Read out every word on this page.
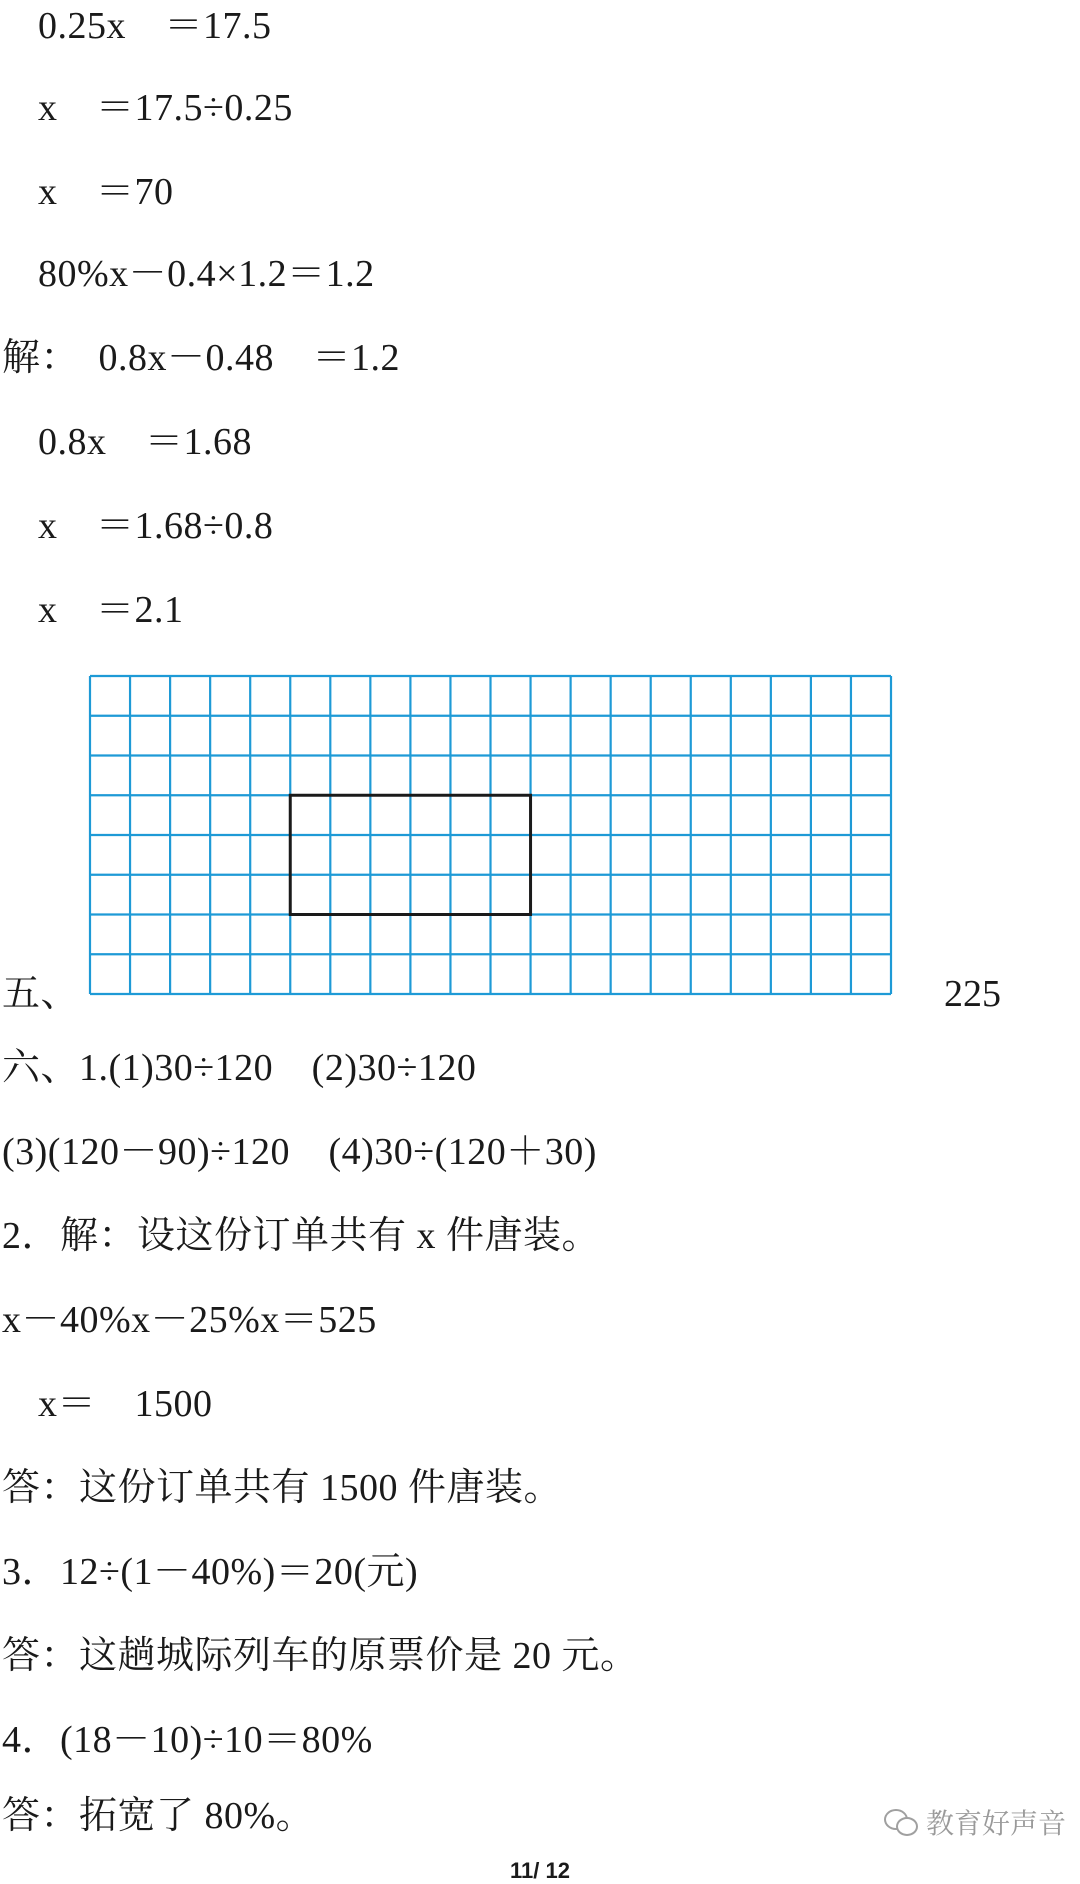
0.25x　＝17.5
x　＝17.5÷0.25
x　＝70
80%x－0.4×1.2＝1.2
解：　0.8x－0.48　＝1.2
0.8x　＝1.68
x　＝1.68÷0.8
x　＝2.1
五、	225
六、1.(1)30÷120　(2)30÷120
(3)(120－90)÷120　(4)30÷(120＋30)
2．解：设这份订单共有 x 件唐装。
x－40%x－25%x＝525
x＝　1500
答：这份订单共有 1500 件唐装。
3．12÷(1－40%)＝20(元)
答：这趟城际列车的原票价是 20 元。
4．(18－10)÷10＝80%
答：拓宽了 80%。	教育好声音
11/ 12
